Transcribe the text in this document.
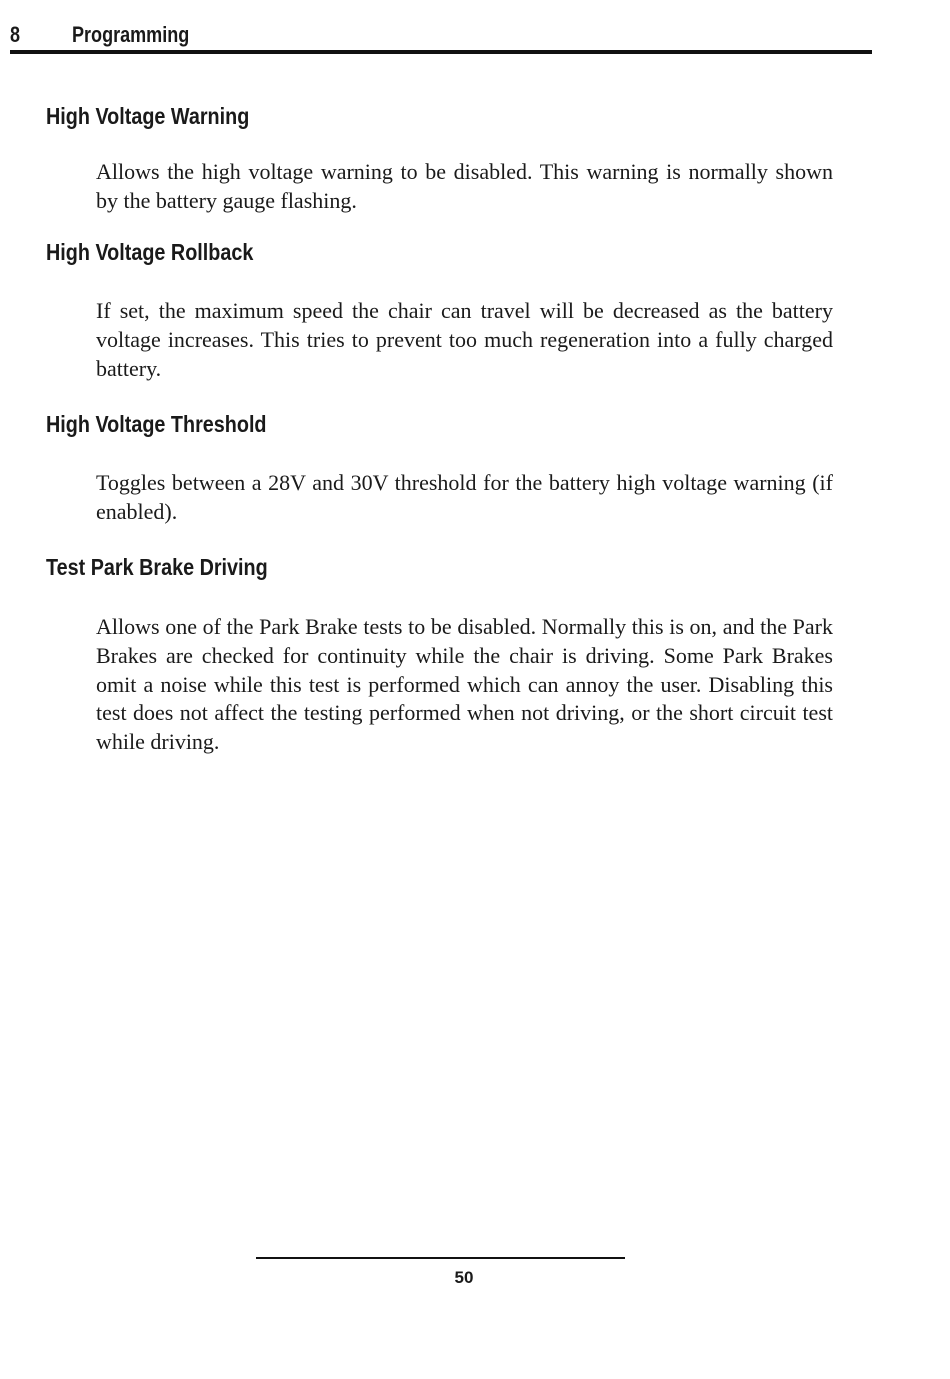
8 Programming
High Voltage Warning

Allows the high voltage warning to be disabled. This warning is normally shown by the battery gauge flashing.

High Voltage Rollback

If set, the maximum speed the chair can travel will be decreased as the battery voltage increases. This tries to prevent too much regeneration into a fully charged battery.

High Voltage Threshold

Toggles between a 28V and 30V threshold for the battery high voltage warning (if enabled).

Test Park Brake Driving

Allows one of the Park Brake tests to be disabled. Normally this is on, and the Park Brakes are checked for continuity while the chair is driving. Some Park Brakes omit a noise while this test is performed which can annoy the user. Disabling this test does not affect the testing performed when not driving, or the short circuit test while driving.

50
